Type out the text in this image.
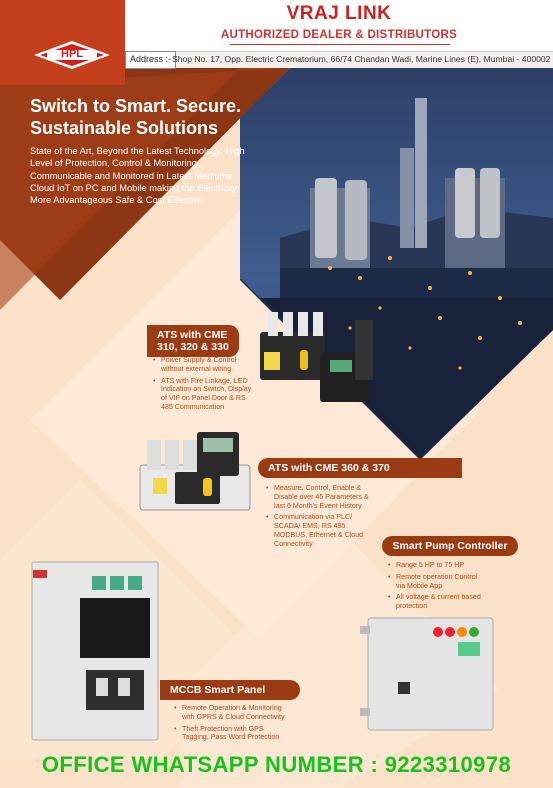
HPL
VRAJ LINK
AUTHORIZED DEALER & DISTRIBUTORS
Address :- Shop No. 17, Opp. Electric Crematorium, 66/74 Chandan Wadi, Marine Lines (E), Mumbai - 400002
Switch to Smart. Secure.
Sustainable Solutions
State of the Art, Beyond the Latest Technology, High Level of Protection, Control & Monitoring, Communicable and Monitored in Latest Mediums Cloud IoT on PC and Mobile making the Electricity More Advantageous Safe & Cost Effective
ATS with CME
310, 320 & 330
• Power Supply & Control without external wiring
• ATS with Fire Linkage, LED Indication on Switch, Display of VIF on Panel Door & RS 485 Communication
ATS with CME 360 & 370
• Measure, Control, Enable & Disable over 45 Parameters & last 6 Month's Event History
• Communication via PLC/ SCADA/ EMS, RS 485 MODBUS, Ethernet & Cloud Connectivity	Smart Pump Controller
• Range 5 HP to 75 HP
• Remote operation Control via Mobile App
• All voltage & current based protection
MCCB Smart Panel
• Remote Operation & Monitoring with GPRS & Cloud Connectivity
• Theft Protection with GPS Tagging, Pass Word Protection
OFFICE WHATSAPP NUMBER : 9223310978
